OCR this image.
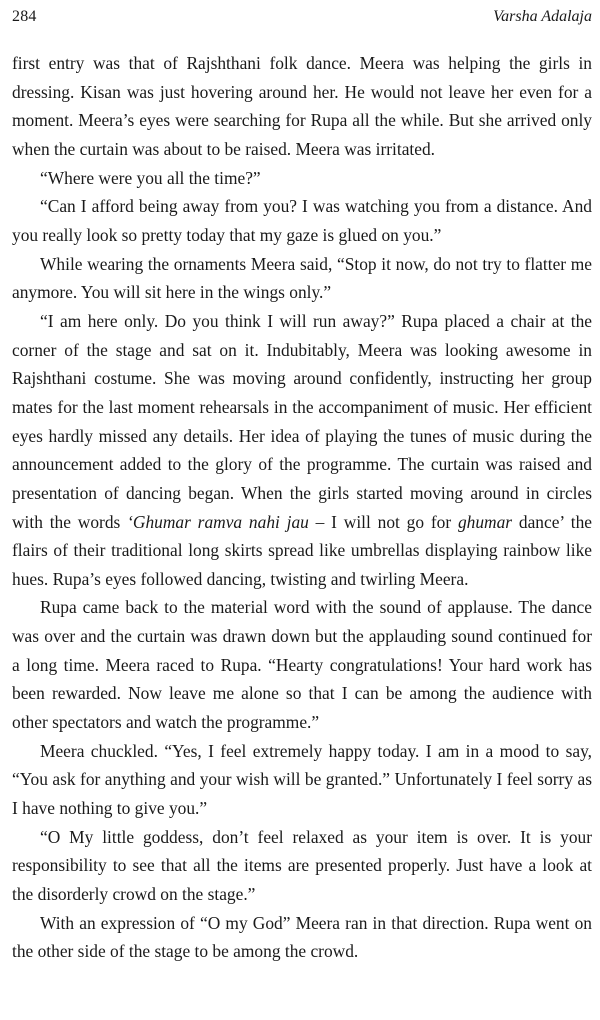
284	Varsha Adalaja

first entry was that of Rajshthani folk dance. Meera was helping the girls in dressing. Kisan was just hovering around her. He would not leave her even for a moment. Meera’s eyes were searching for Rupa all the while. But she arrived only when the curtain was about to be raised. Meera was irritated.

“Where were you all the time?”

“Can I afford being away from you? I was watching you from a distance. And you really look so pretty today that my gaze is glued on you.”

While wearing the ornaments Meera said, “Stop it now, do not try to flatter me anymore. You will sit here in the wings only.”

“I am here only. Do you think I will run away?” Rupa placed a chair at the corner of the stage and sat on it. Indubitably, Meera was looking awesome in Rajshthani costume. She was moving around confidently, instructing her group mates for the last moment rehearsals in the accompaniment of music. Her efficient eyes hardly missed any details. Her idea of playing the tunes of music during the announcement added to the glory of the programme. The curtain was raised and presentation of dancing began. When the girls started moving around in circles with the words ‘Ghumar ramva nahi jau – I will not go for ghumar dance’ the flairs of their traditional long skirts spread like umbrellas displaying rainbow like hues. Rupa’s eyes followed dancing, twisting and twirling Meera.

Rupa came back to the material word with the sound of applause. The dance was over and the curtain was drawn down but the applauding sound continued for a long time. Meera raced to Rupa. “Hearty congratulations! Your hard work has been rewarded. Now leave me alone so that I can be among the audience with other spectators and watch the programme.”

Meera chuckled. “Yes, I feel extremely happy today. I am in a mood to say, “You ask for anything and your wish will be granted.” Unfortunately I feel sorry as I have nothing to give you.”

“O My little goddess, don’t feel relaxed as your item is over. It is your responsibility to see that all the items are presented properly. Just have a look at the disorderly crowd on the stage.”

With an expression of “O my God” Meera ran in that direction. Rupa went on the other side of the stage to be among the crowd.
